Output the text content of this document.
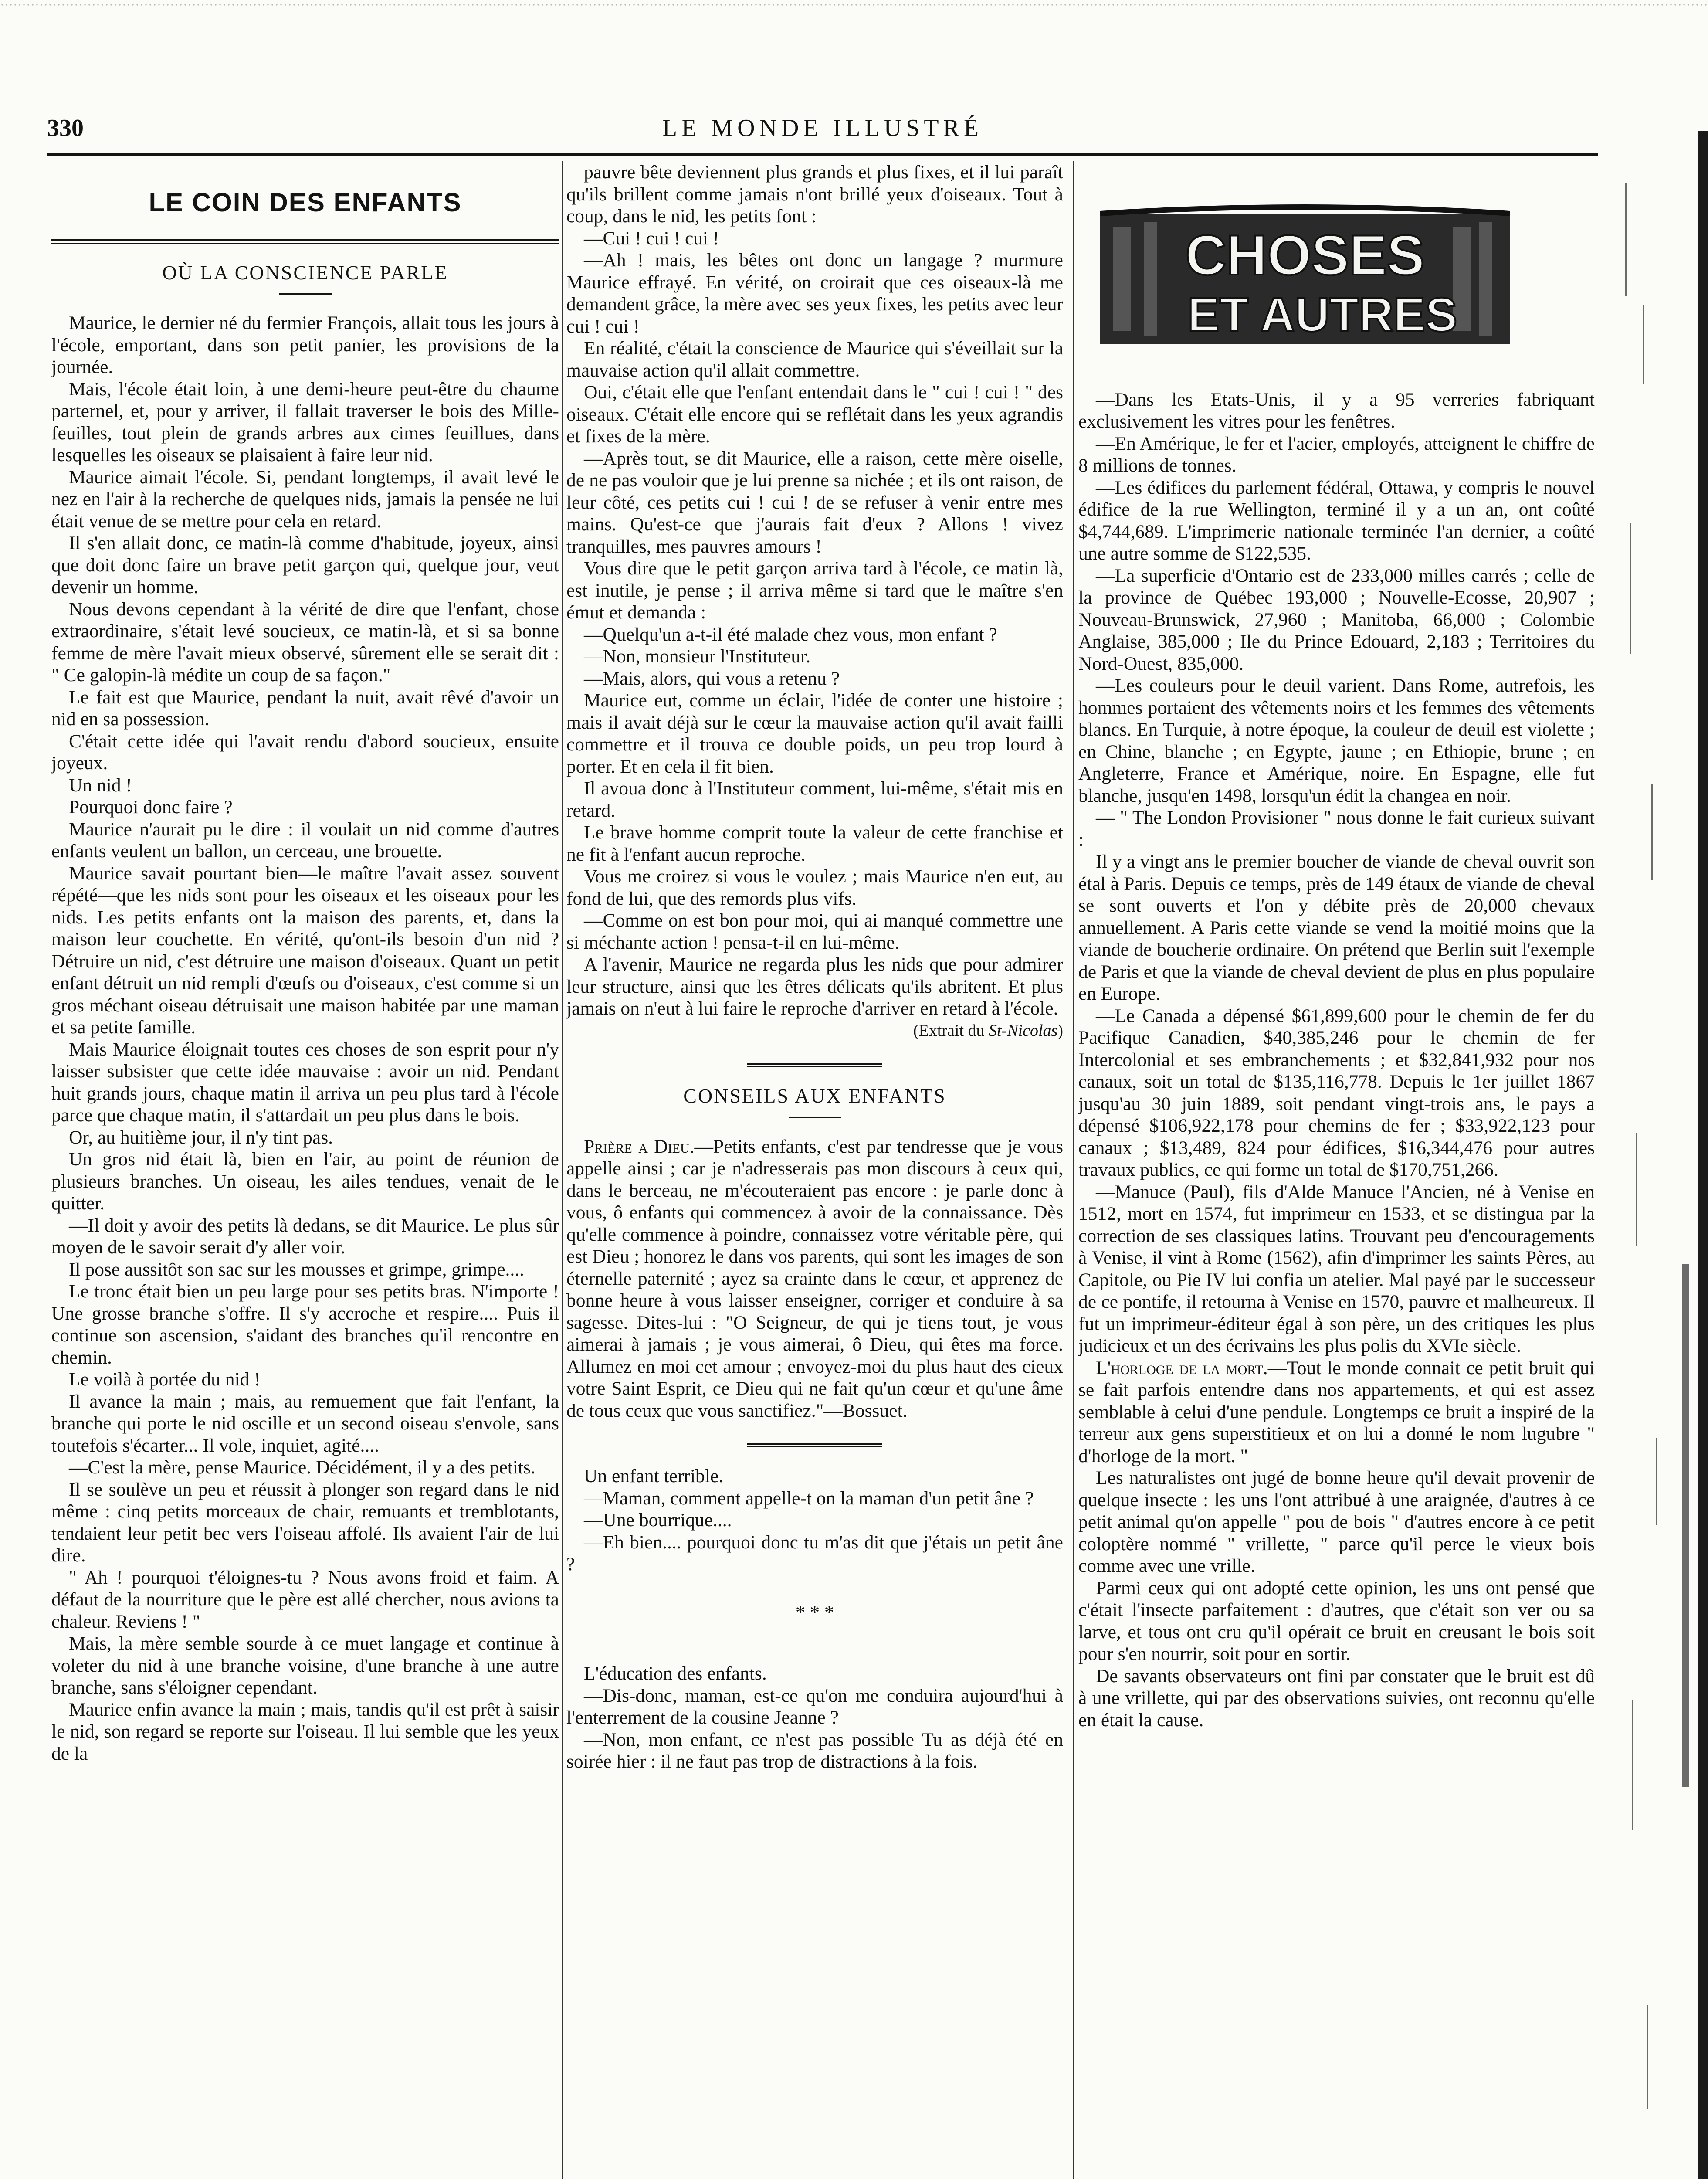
330	LE MONDE ILLUSTRÉ
LE COIN DES ENFANTS
OÙ LA CONSCIENCE PARLE

Maurice, le dernier né du fermier François, allait tous les jours à l'école, emportant, dans son petit panier, les provisions de la journée.

Mais, l'école était loin, à une demi-heure peut-être du chaume parternel, et, pour y arriver, il fallait traverser le bois des Mille-feuilles, tout plein de grands arbres aux cimes feuillues, dans lesquelles les oiseaux se plaisaient à faire leur nid.

Maurice aimait l'école. Si, pendant longtemps, il avait levé le nez en l'air à la recherche de quelques nids, jamais la pensée ne lui était venue de se mettre pour cela en retard.

Il s'en allait donc, ce matin-là comme d'habitude, joyeux, ainsi que doit donc faire un brave petit garçon qui, quelque jour, veut devenir un homme.

Nous devons cependant à la vérité de dire que l'enfant, chose extraordinaire, s'était levé soucieux, ce matin-là, et si sa bonne femme de mère l'avait mieux observé, sûrement elle se serait dit : " Ce galopin-là médite un coup de sa façon."

Le fait est que Maurice, pendant la nuit, avait rêvé d'avoir un nid en sa possession.

C'était cette idée qui l'avait rendu d'abord soucieux, ensuite joyeux.

Un nid !

Pourquoi donc faire ?

Maurice n'aurait pu le dire : il voulait un nid comme d'autres enfants veulent un ballon, un cerceau, une brouette.

Maurice savait pourtant bien—le maître l'avait assez souvent répété—que les nids sont pour les oiseaux et les oiseaux pour les nids. Les petits enfants ont la maison des parents, et, dans la maison leur couchette. En vérité, qu'ont-ils besoin d'un nid ? Détruire un nid, c'est détruire une maison d'oiseaux. Quant un petit enfant détruit un nid rempli d'œufs ou d'oiseaux, c'est comme si un gros méchant oiseau détruisait une maison habitée par une maman et sa petite famille.

Mais Maurice éloignait toutes ces choses de son esprit pour n'y laisser subsister que cette idée mauvaise : avoir un nid. Pendant huit grands jours, chaque matin il arriva un peu plus tard à l'école parce que chaque matin, il s'attardait un peu plus dans le bois.

Or, au huitième jour, il n'y tint pas.

Un gros nid était là, bien en l'air, au point de réunion de plusieurs branches. Un oiseau, les ailes tendues, venait de le quitter.

—Il doit y avoir des petits là dedans, se dit Maurice. Le plus sûr moyen de le savoir serait d'y aller voir.

Il pose aussitôt son sac sur les mousses et grimpe, grimpe....

Le tronc était bien un peu large pour ses petits bras. N'importe ! Une grosse branche s'offre. Il s'y accroche et respire.... Puis il continue son ascension, s'aidant des branches qu'il rencontre en chemin.

Le voilà à portée du nid !

Il avance la main ; mais, au remuement que fait l'enfant, la branche qui porte le nid oscille et un second oiseau s'envole, sans toutefois s'écarter... Il vole, inquiet, agité....

—C'est la mère, pense Maurice. Décidément, il y a des petits.

Il se soulève un peu et réussit à plonger son regard dans le nid même : cinq petits morceaux de chair, remuants et tremblotants, tendaient leur petit bec vers l'oiseau affolé. Ils avaient l'air de lui dire.

" Ah ! pourquoi t'éloignes-tu ? Nous avons froid et faim. A défaut de la nourriture que le père est allé chercher, nous avions ta chaleur. Reviens ! "

Mais, la mère semble sourde à ce muet langage et continue à voleter du nid à une branche voisine, d'une branche à une autre branche, sans s'éloigner cependant.

Maurice enfin avance la main ; mais, tandis qu'il est prêt à saisir le nid, son regard se reporte sur l'oiseau. Il lui semble que les yeux de la

pauvre bête deviennent plus grands et plus fixes, et il lui paraît qu'ils brillent comme jamais n'ont brillé yeux d'oiseaux. Tout à coup, dans le nid, les petits font :

—Cui ! cui ! cui !

—Ah ! mais, les bêtes ont donc un langage ? murmure Maurice effrayé. En vérité, on croirait que ces oiseaux-là me demandent grâce, la mère avec ses yeux fixes, les petits avec leur cui ! cui !

En réalité, c'était la conscience de Maurice qui s'éveillait sur la mauvaise action qu'il allait commettre.

Oui, c'était elle que l'enfant entendait dans le " cui ! cui ! " des oiseaux. C'était elle encore qui se reflétait dans les yeux agrandis et fixes de la mère.

—Après tout, se dit Maurice, elle a raison, cette mère oiselle, de ne pas vouloir que je lui prenne sa nichée ; et ils ont raison, de leur côté, ces petits cui ! cui ! de se refuser à venir entre mes mains. Qu'est-ce que j'aurais fait d'eux ? Allons ! vivez tranquilles, mes pauvres amours !

Vous dire que le petit garçon arriva tard à l'école, ce matin là, est inutile, je pense ; il arriva même si tard que le maître s'en émut et demanda :

—Quelqu'un a-t-il été malade chez vous, mon enfant ?

—Non, monsieur l'Instituteur.

—Mais, alors, qui vous a retenu ?

Maurice eut, comme un éclair, l'idée de conter une histoire ; mais il avait déjà sur le cœur la mauvaise action qu'il avait failli commettre et il trouva ce double poids, un peu trop lourd à porter. Et en cela il fit bien.

Il avoua donc à l'Instituteur comment, lui-même, s'était mis en retard.

Le brave homme comprit toute la valeur de cette franchise et ne fit à l'enfant aucun reproche.

Vous me croirez si vous le voulez ; mais Maurice n'en eut, au fond de lui, que des remords plus vifs.

—Comme on est bon pour moi, qui ai manqué commettre une si méchante action ! pensa-t-il en lui-même.

A l'avenir, Maurice ne regarda plus les nids que pour admirer leur structure, ainsi que les êtres délicats qu'ils abritent. Et plus jamais on n'eut à lui faire le reproche d'arriver en retard à l'école.

(Extrait du St-Nicolas)
CONSEILS AUX ENFANTS

Prière a Dieu.—Petits enfants, c'est par tendresse que je vous appelle ainsi ; car je n'adresserais pas mon discours à ceux qui, dans le berceau, ne m'écouteraient pas encore : je parle donc à vous, ô enfants qui commencez à avoir de la connaissance. Dès qu'elle commence à poindre, connaissez votre véritable père, qui est Dieu ; honorez le dans vos parents, qui sont les images de son éternelle paternité ; ayez sa crainte dans le cœur, et apprenez de bonne heure à vous laisser enseigner, corriger et conduire à sa sagesse. Dites-lui : "O Seigneur, de qui je tiens tout, je vous aimerai à jamais ; je vous aimerai, ô Dieu, qui êtes ma force. Allumez en moi cet amour ; envoyez-moi du plus haut des cieux votre Saint Esprit, ce Dieu qui ne fait qu'un cœur et qu'une âme de tous ceux que vous sanctifiez."—Bossuet.

Un enfant terrible.

—Maman, comment appelle-t on la maman d'un petit âne ?

—Une bourrique....

—Eh bien.... pourquoi donc tu m'as dit que j'étais un petit âne ?

* * *

L'éducation des enfants.

—Dis-donc, maman, est-ce qu'on me conduira aujourd'hui à l'enterrement de la cousine Jeanne ?

—Non, mon enfant, ce n'est pas possible Tu as déjà été en soirée hier : il ne faut pas trop de distractions à la fois.

CHOSES
ET AUTRES

—Dans les Etats-Unis, il y a 95 verreries fabriquant exclusivement les vitres pour les fenêtres.

—En Amérique, le fer et l'acier, employés, atteignent le chiffre de 8 millions de tonnes.

—Les édifices du parlement fédéral, Ottawa, y compris le nouvel édifice de la rue Wellington, terminé il y a un an, ont coûté $4,744,689. L'imprimerie nationale terminée l'an dernier, a coûté une autre somme de $122,535.

—La superficie d'Ontario est de 233,000 milles carrés ; celle de la province de Québec 193,000 ; Nouvelle-Ecosse, 20,907 ; Nouveau-Brunswick, 27,960 ; Manitoba, 66,000 ; Colombie Anglaise, 385,000 ; Ile du Prince Edouard, 2,183 ; Territoires du Nord-Ouest, 835,000.

—Les couleurs pour le deuil varient. Dans Rome, autrefois, les hommes portaient des vêtements noirs et les femmes des vêtements blancs. En Turquie, à notre époque, la couleur de deuil est violette ; en Chine, blanche ; en Egypte, jaune ; en Ethiopie, brune ; en Angleterre, France et Amérique, noire. En Espagne, elle fut blanche, jusqu'en 1498, lorsqu'un édit la changea en noir.

— " The London Provisioner " nous donne le fait curieux suivant :

Il y a vingt ans le premier boucher de viande de cheval ouvrit son étal à Paris. Depuis ce temps, près de 149 étaux de viande de cheval se sont ouverts et l'on y débite près de 20,000 chevaux annuellement. A Paris cette viande se vend la moitié moins que la viande de boucherie ordinaire. On prétend que Berlin suit l'exemple de Paris et que la viande de cheval devient de plus en plus populaire en Europe.

—Le Canada a dépensé $61,899,600 pour le chemin de fer du Pacifique Canadien, $40,385,246 pour le chemin de fer Intercolonial et ses embranchements ; et $32,841,932 pour nos canaux, soit un total de $135,116,778. Depuis le 1er juillet 1867 jusqu'au 30 juin 1889, soit pendant vingt-trois ans, le pays a dépensé $106,922,178 pour chemins de fer ; $33,922,123 pour canaux ; $13,489, 824 pour édifices, $16,344,476 pour autres travaux publics, ce qui forme un total de $170,751,266.

—Manuce (Paul), fils d'Alde Manuce l'Ancien, né à Venise en 1512, mort en 1574, fut imprimeur en 1533, et se distingua par la correction de ses classiques latins. Trouvant peu d'encouragements à Venise, il vint à Rome (1562), afin d'imprimer les saints Pères, au Capitole, ou Pie IV lui confia un atelier. Mal payé par le successeur de ce pontife, il retourna à Venise en 1570, pauvre et malheureux. Il fut un imprimeur-éditeur égal à son père, un des critiques les plus judicieux et un des écrivains les plus polis du XVIe siècle.

L'horloge de la mort.—Tout le monde connait ce petit bruit qui se fait parfois entendre dans nos appartements, et qui est assez semblable à celui d'une pendule. Longtemps ce bruit a inspiré de la terreur aux gens superstitieux et on lui a donné le nom lugubre " d'horloge de la mort. "

Les naturalistes ont jugé de bonne heure qu'il devait provenir de quelque insecte : les uns l'ont attribué à une araignée, d'autres à ce petit animal qu'on appelle " pou de bois " d'autres encore à ce petit coloptère nommé " vrillette, " parce qu'il perce le vieux bois comme avec une vrille.

Parmi ceux qui ont adopté cette opinion, les uns ont pensé que c'était l'insecte parfaitement : d'autres, que c'était son ver ou sa larve, et tous ont cru qu'il opérait ce bruit en creusant le bois soit pour s'en nourrir, soit pour en sortir.

De savants observateurs ont fini par constater que le bruit est dû à une vrillette, qui par des observations suivies, ont reconnu qu'elle en était la cause.
